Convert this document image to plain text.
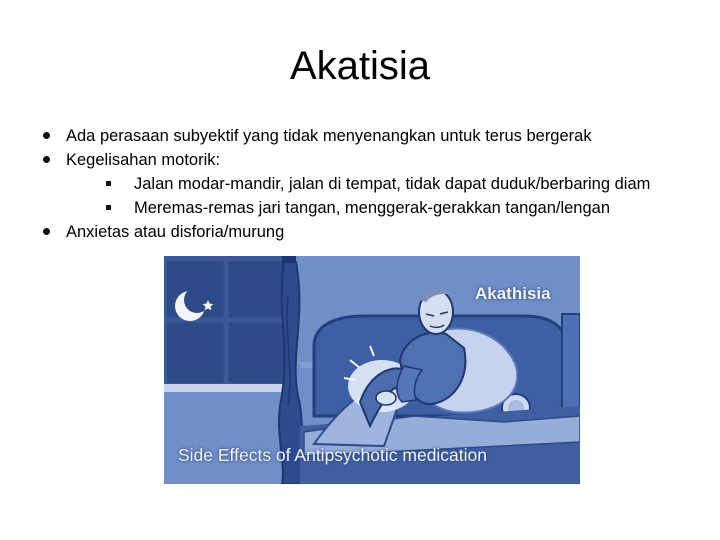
Akatisia
Ada perasaan subyektif yang tidak menyenangkan untuk terus bergerak
Kegelisahan motorik:
Jalan modar-mandir, jalan di tempat, tidak dapat duduk/berbaring diam
Meremas-remas jari tangan, menggerak-gerakkan tangan/lengan
Anxietas atau disforia/murung
Akathisia
Side Effects of Antipsychotic medication
